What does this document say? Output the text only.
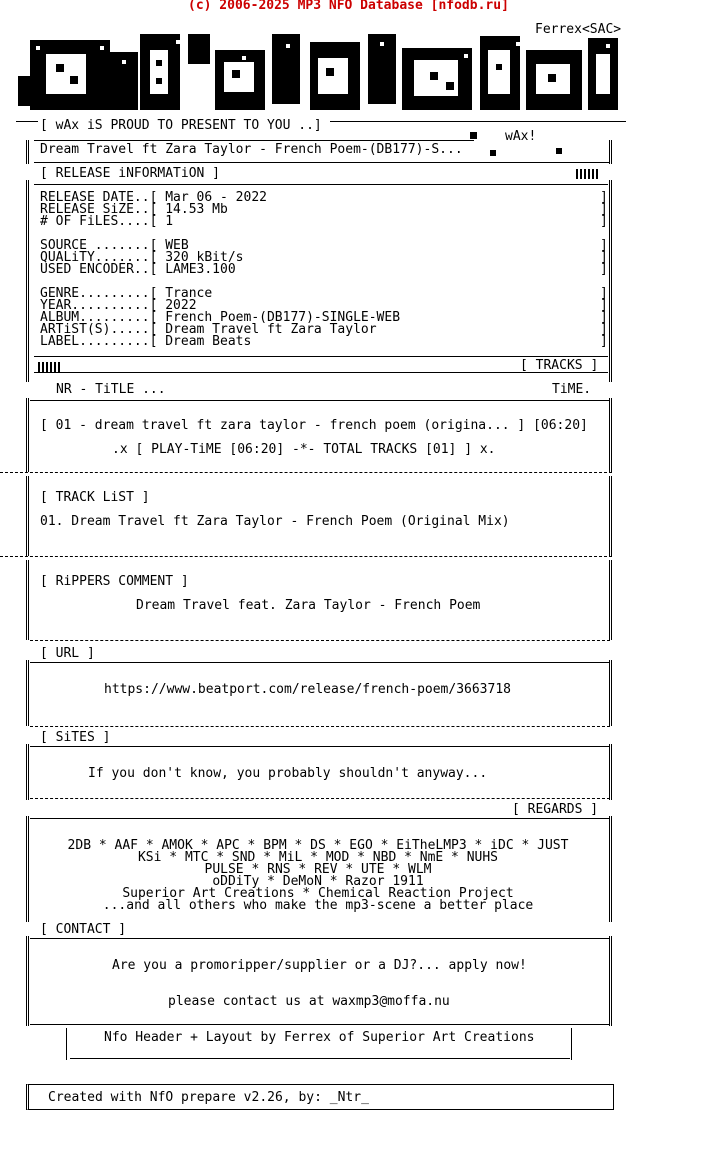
(c) 2006-2025 MP3 NFO Database [nfodb.ru]
Ferrex<SAC>
[ wAx iS PROUD TO PRESENT TO YOU ..]
wAx!
Dream Travel ft Zara Taylor - French Poem-(DB177)-S...
[ RELEASE iNFORMATiON ]
RELEASE DATE..[ Mar 06 - 2022
RELEASE SiZE..[ 14.53 Mb
# OF FiLES....[ 1
SOURCE .......[ WEB
QUALiTY.......[ 320 kBit/s
USED ENCODER..[ LAME3.100
GENRE.........[ Trance
YEAR..........[ 2022
ALBUM.........[ French Poem-(DB177)-SINGLE-WEB
ARTiST(S).....[ Dream Travel ft Zara Taylor
LABEL.........[ Dream Beats
]
]
]

]
]
]

]
]
]
]
]
[ TRACKS ]
NR - TiTLE ...	TiME.
[ 01 - dream travel ft zara taylor - french poem (origina... ] [06:20]
.x [ PLAY-TiME [06:20] -*- TOTAL TRACKS [01] ] x.
[ TRACK LiST ]
01. Dream Travel ft Zara Taylor - French Poem (Original Mix)
[ RiPPERS COMMENT ]
Dream Travel feat. Zara Taylor - French Poem
[ URL ]
https://www.beatport.com/release/french-poem/3663718
[ SiTES ]
If you don't know, you probably shouldn't anyway...
[ REGARDS ]
2DB * AAF * AMOK * APC * BPM * DS * EGO * EiTheLMP3 * iDC * JUST
KSi * MTC * SND * MiL * MOD * NBD * NmE * NUHS
PULSE * RNS * REV * UTE * WLM
oDDiTy * DeMoN * Razor 1911
Superior Art Creations * Chemical Reaction Project
...and all others who make the mp3-scene a better place
[ CONTACT ]
Are you a promoripper/supplier or a DJ?... apply now!
please contact us at waxmp3@moffa.nu
Nfo Header + Layout by Ferrex of Superior Art Creations
Created with NfO prepare v2.26, by: _Ntr_
